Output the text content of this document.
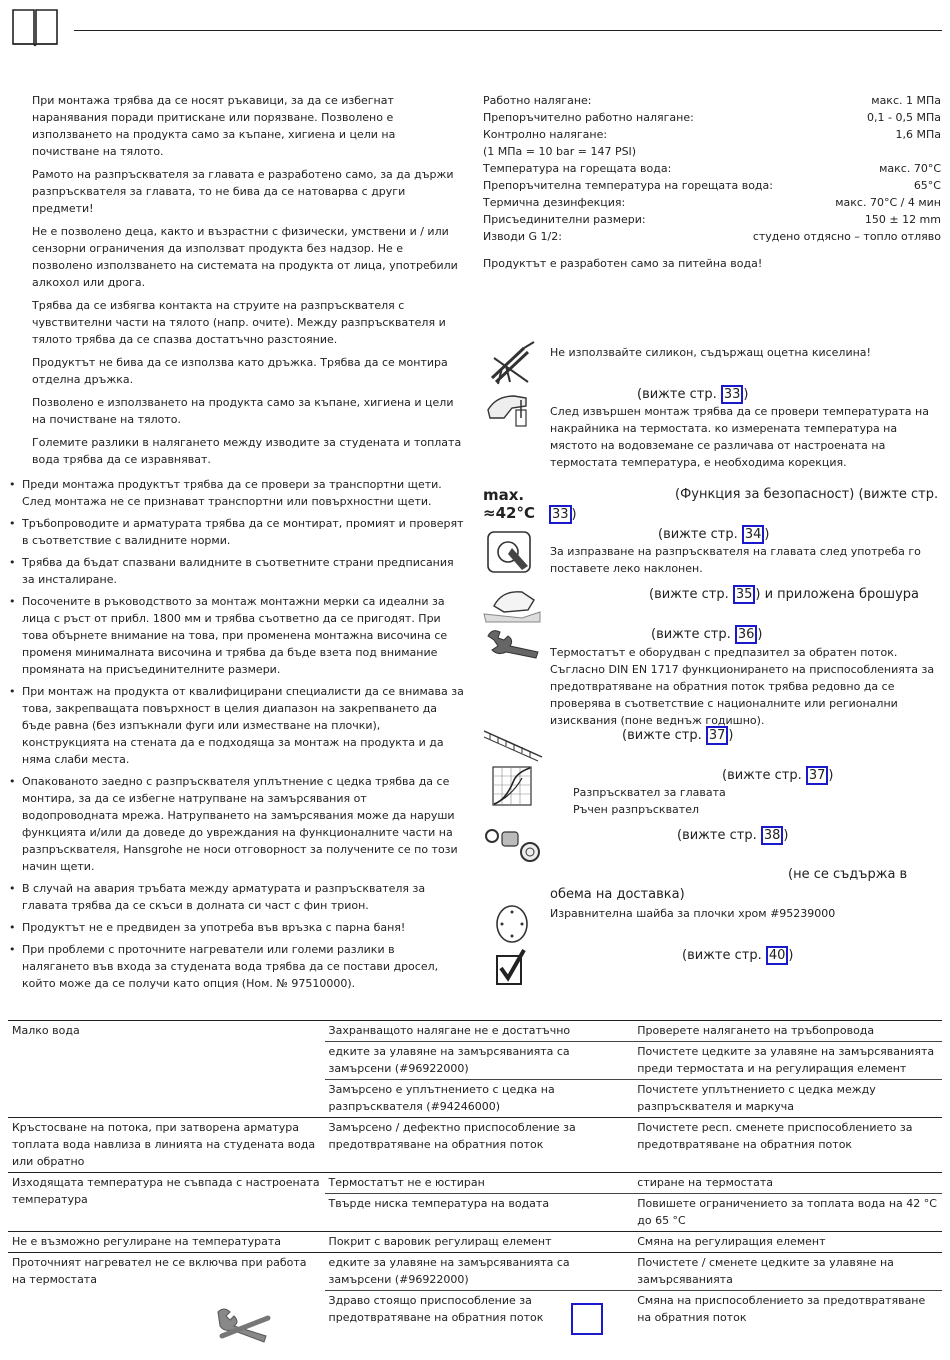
При монтажа трябва да се носят ръкавици, за да се избегнат наранявания поради притискане или порязване. Позволено е използването на продукта само за къпане, хигиена и цели на почистване на тялото.

Рамото на разпръсквателя за главата е разработено само, за да държи разпръсквателя за главата, то не бива да се натоварва с други предмети!

Не е позволено деца, както и възрастни с физически, умствени и / или сензорни ограничения да използват продукта без надзор. Не е позволено използването на системата на продукта от лица, употребили алкохол или дрога.

Трябва да се избягва контакта на струите на разпръсквателя с чувствителни части на тялото (напр. очите). Между разпръсквателя и тялото трябва да се спазва достатъчно разстояние.

Продуктът не бива да се използва като дръжка. Трябва да се монтира отделна дръжка.

Позволено е използването на продукта само за къпане, хигиена и цели на почистване на тялото.

Големите разлики в налягането между изводите за студената и топлата вода трябва да се изравняват.

• Преди монтажа продуктът трябва да се провери за транспортни щети. След монтажа не се признават транспортни или повърхностни щети.
• Тръбопроводите и арматурата трябва да се монтират, промият и проверят в съответствие с валидните норми.
• Трябва да бъдат спазвани валидните в съответните страни предписания за инсталиране.
• Посочените в ръководството за монтаж монтажни мерки са идеални за лица с ръст от прибл. 1800 мм и трябва съответно да се пригодят. При това обърнете внимание на това, при променена монтажна височина се променя минималната височина и трябва да бъде взета под внимание промяната на присъединителните размери.
• При монтаж на продукта от квалифицирани специалисти да се внимава за това, закрепващата повърхност в целия диапазон на закрепването да бъде равна (без изпъкнали фуги или изместване на плочки), конструкцията на стената да е подходяща за монтаж на продукта и да няма слаби места.
• Опакованото заедно с разпръсквателя уплътнение с цедка трябва да се монтира, за да се избегне натрупване на замърсявания от водопроводната мрежа. Натрупването на замърсявания може да наруши функцията и/или да доведе до увреждания на функционалните части на разпръсквателя, Hansgrohe не носи отговорност за получените се по този начин щети.
• В случай на авария тръбата между арматурата и разпръсквателя за главата трябва да се скъси в долната си част с фин трион.
• Продуктът не е предвиден за употреба във връзка с парна баня!
• При проблеми с проточните нагреватели или големи разлики в налягането във входа за студената вода трябва да се постави дросел, който може да се получи като опция (Ном. № 97510000).
Работно налягане:	макс. 1 МПа
Препоръчително работно налягане:	0,1 - 0,5 МПа
Контролно налягане:	1,6 МПа
(1 МПа = 10 bar = 147 PSI)
Температура на горещата вода:	макс. 70°C
Препоръчителна температура на горещата вода:	65°C
Термична дезинфекция:	макс. 70°C / 4 мин
Присъединителни размери:	150 ± 12 mm
Изводи G 1/2:	студено отдясно – топло отляво

Продуктът е разработен само за питейна вода!

Не използвайте силикон, съдържащ оцетна киселина!
(вижте стр. 33 )
След извършен монтаж трябва да се провери температурата на накрайника на термостата. ко измерената температура на мястото на водовземане се различава от настроената на термостата температура, е необходима корекция.
max.
≈42°C
(Функция за безопасност) (вижте стр.
33 )
(вижте стр. 34 )
За изпразване на разпръсквателя на главата след употреба го поставете леко наклонен.
(вижте стр. 35 ) и приложена брошура
(вижте стр. 36 )
Термостатът е оборудван с предпазител за обратен поток. Съгласно DIN EN 1717 функционирането на приспособленията за предотвратяване на обратния поток трябва редовно да се проверява в съответствие с националните или регионални изисквания (поне веднъж годишно).
(вижте стр. 37 )
(вижте стр. 37 )
Разпръсквател за главата
Ръчен разпръсквател
(вижте стр. 38 )
(не се съдържа в
обема на доставка)
Изравнителна шайба за плочки хром #95239000
(вижте стр. 40 )
Малко вода	Захранващото налягане не е достатъчно	Проверете налягането на тръбопровода
	едките за улавяне на замърсяванията са замърсени (#96922000)	Почистете цедките за улавяне на замърсяванията преди термостата и на регулиращия елемент
	Замърсено е уплътнението с цедка на разпръсквателя (#94246000)	Почистете уплътнението с цедка между разпръсквателя и маркуча
Кръстосване на потока, при затворена арматура топлата вода навлиза в линията на студената вода или обратно	Замърсено / дефектно приспособление за предотвратяване на обратния поток	Почистете респ. сменете приспособлението за предотвратяване на обратния поток
Изходящата температура не съвпада с настроената температура	Термостатът не е юстиран	стиране на термостата
	Твърде ниска температура на водата	Повишете ограничението за топлата вода на 42 °C до 65 °C
Не е възможно регулиране на температурата	Покрит с варовик регулиращ елемент	Смяна на регулиращия елемент
Проточният нагревател не се включва при работа на термостата	едките за улавяне на замърсяванията са замърсени (#96922000)	Почистете / сменете цедките за улавяне на замърсяванията
	Здраво стоящо приспособление за предотвратяване на обратния поток	Смяна на приспособлението за предотвратяване на обратния поток
